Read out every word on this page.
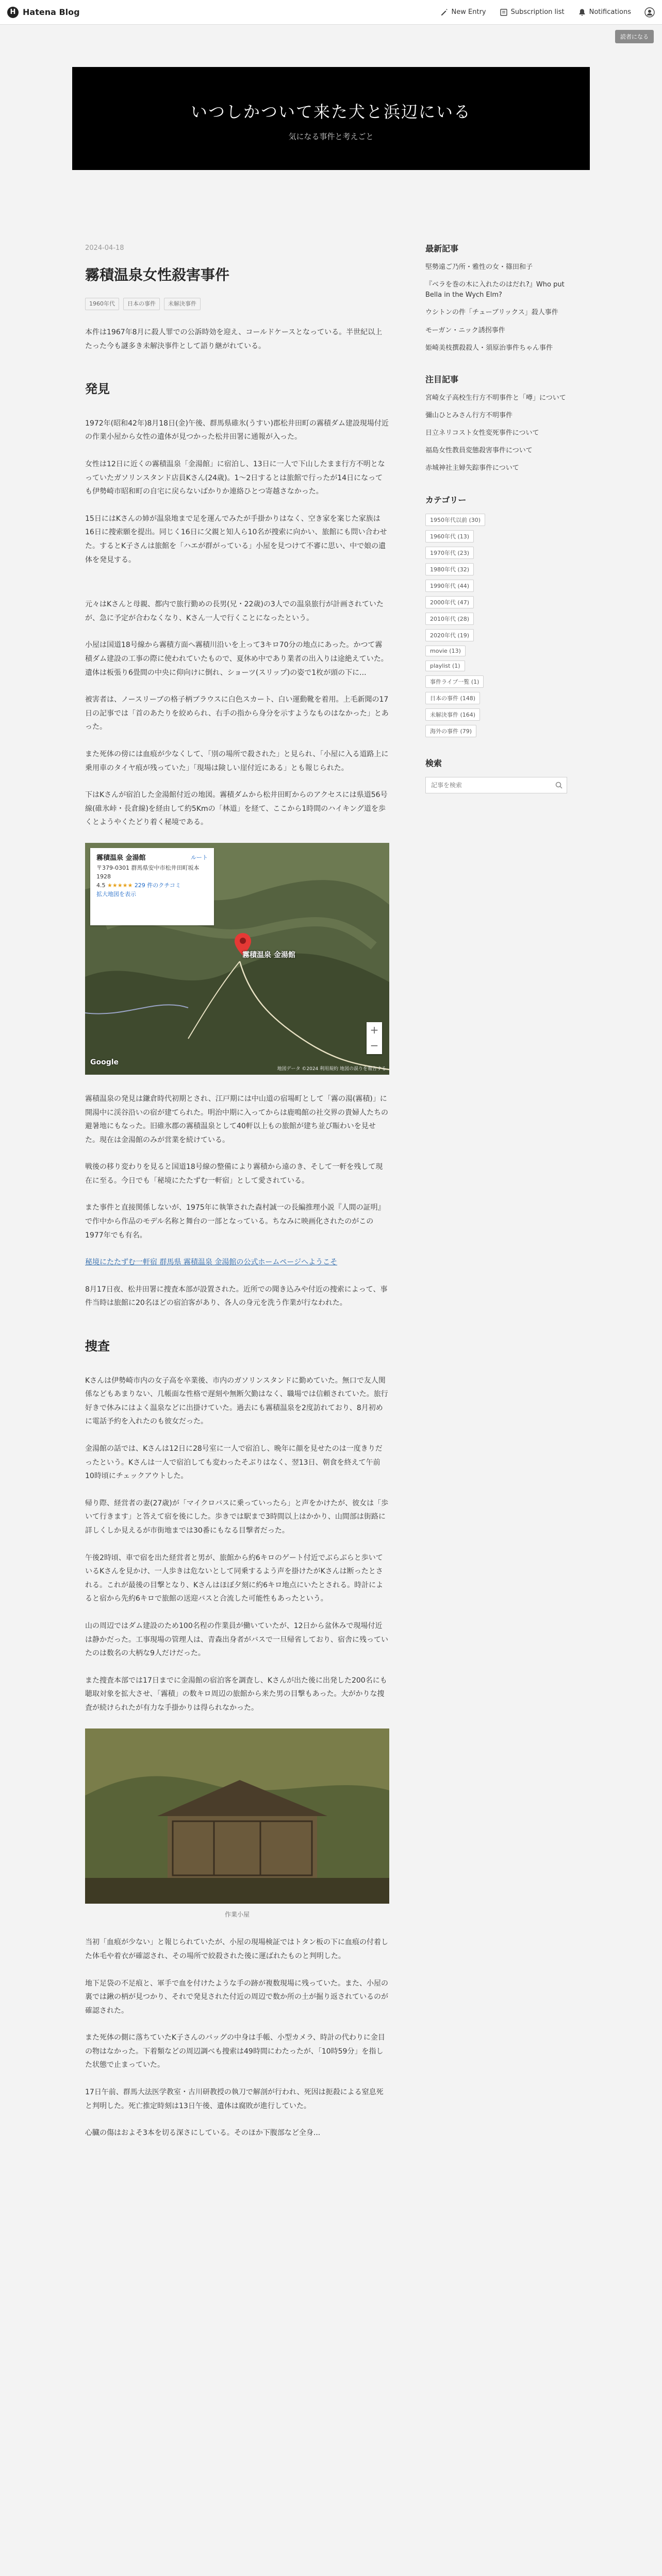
H Hatena Blog	New Entry	Subscription list	Notifications
読者になる
いつしかついて来た犬と浜辺にいる
気になる事件と考えごと
2024-04-18
霧積温泉女性殺害事件
1960年代	日本の事件	未解決事件

本件は1967年8月に殺人罪での公訴時効を迎え、コールドケースとなっている。半世紀以上たった今も謎多き未解決事件として語り継がれている。

発見

1972年(昭和42年)8月18日(金)午後、群馬県碓氷(うすい)郡松井田町の霧積ダム建設現場付近の作業小屋から女性の遺体が見つかった松井田署に通報が入った。

女性は12日に近くの霧積温泉「金湯館」に宿泊し、13日に一人で下山したまま行方不明となっていたガソリンスタンド店員Kさん(24歳)。1〜2日するとは旅館で行ったが14日になっても伊勢崎市昭和町の自宅に戻らないばかりか連絡ひとつ寄越さなかった。

15日にはKさんの姉が温泉地まで足を運んでみたが手掛かりはなく、空き家を案じた家族は16日に捜索願を提出。同じく16日に父親と知人ら10名が捜索に向かい、旅館にも問い合わせた。するとK子さんは旅館を「ハエが群がっている」小屋を見つけて不審に思い、中で娘の遺体を発見する。

元々はKさんと母親、都内で旅行勤めの長男(兄・22歳)の3人での温泉旅行が計画されていたが、急に予定が合わなくなり、Kさん一人で行くことになったという。

小屋は国道18号線から霧積方面へ霧積川沿いを上って3キロ70分の地点にあった。かつて霧積ダム建設の工事の際に使われていたもので、夏休め中であり業者の出入りは途絶えていた。遺体は板張り6畳間の中央に仰向けに倒れ、ショーツ(スリップ)の姿で1枚が頭の下に...

被害者は、ノースリーブの格子柄ブラウスに白色スカート、白い運動靴を着用。上毛新聞の17日の記事では「首のあたりを絞められ、右手の指から身分を示すようなものはなかった」とあった。

また死体の傍には血痕が少なくして、「別の場所で殺された」と見られ、「小屋に入る道路上に乗用車のタイヤ痕が残っていた」「現場は険しい崖付近にある」とも報じられた。

下はKさんが宿泊した金湯館付近の地図。霧積ダムから松井田町からのアクセスには県道56号線(碓氷峠・長倉線)を経由して約5Kmの「林道」を経て、ここから1時間のハイキング道を歩くとようやくたどり着く秘境である。

霧積温泉 金湯館
〒379-0301 群馬県安中市松井田町坂本 1928
4.5 ★★★★★ 229 件のクチコミ
拡大地図を表示
ルート
霧積温泉 金湯館
+
−
Google
地図データ ©2024 利用規約 地図の誤りを報告する

霧積温泉の発見は鎌倉時代初期とされ、江戸期には中山道の宿場町として「霧の湯(霧積)」に開湯中に渓谷沿いの宿が建てられた。明治中期に入ってからは鹿鳴館の社交界の貴婦人たちの避暑地にもなった。旧碓氷郡の霧積温泉として40軒以上もの旅館が建ち並び賑わいを見せた。現在は金湯館のみが営業を続けている。

戦後の移り変わりを見ると国道18号線の整備により霧積から遠のき、そして一軒を残して現在に至る。今日でも「秘境にたたずむ一軒宿」として愛されている。

また事件と直接関係しないが、1975年に執筆された森村誠一の長編推理小説『人間の証明』で作中から作品のモデル名称と舞台の一部となっている。ちなみに映画化されたのがこの1977年でも有名。

秘境にたたずむ一軒宿 群馬県 霧積温泉 金湯館の公式ホームページへようこそ

8月17日夜、松井田署に捜査本部が設置された。近所での聞き込みや付近の捜索によって、事件当時は旅館に20名ほどの宿泊客があり、各人の身元を洗う作業が行なわれた。

捜査

Kさんは伊勢崎市内の女子高を卒業後、市内のガソリンスタンドに勤めていた。無口で友人関係などもあまりない、几帳面な性格で遅刻や無断欠勤はなく、職場では信頼されていた。旅行好きで休みにはよく温泉などに出掛けていた。過去にも霧積温泉を2度訪れており、8月初めに電話予約を入れたのも彼女だった。

金湯館の話では、Kさんは12日に28号室に一人で宿泊し、晩年に顔を見せたのは一度きりだったという。Kさんは一人で宿泊しても変わったそぶりはなく、翌13日、朝食を終えて午前10時頃にチェックアウトした。

帰り際、経営者の妻(27歳)が「マイクロバスに乗っていったら」と声をかけたが、彼女は「歩いて行きます」と答えて宿を後にした。歩きでは駅まで3時間以上はかかり、山間部は街路に詳しくしか見えるが市街地までは30番にもなる目撃者だった。

午後2時頃、車で宿を出た経営者と男が、旅館から約6キロのゲート付近でぶらぶらと歩いているKさんを見かけ、一人歩きは危ないとして同乗するよう声を掛けたがKさんは断ったとされる。これが最後の目撃となり、Kさんはほぼ夕刻に約6キロ地点にいたとされる。時計によると宿から先約6キロで旅館の送迎バスと合流した可能性もあったという。

山の周辺ではダム建設のため100名程の作業員が働いていたが、12日から盆休みで現場付近は静かだった。工事現場の管理人は、青森出身者がバスで一旦帰省しており、宿舎に残っていたのは数名の大柄な9人だけだった。

また捜査本部では17日までに金湯館の宿泊客を調査し、Kさんが出た後に出発した200名にも聴取対象を拡大させ、「霧積」の数キロ周辺の旅館から来た男の目撃もあった。大がかりな捜査が続けられたが有力な手掛かりは得られなかった。

作業小屋

当初「血痕が少ない」と報じられていたが、小屋の現場検証ではトタン板の下に血痕の付着した体毛や着衣が確認され、その場所で絞殺された後に運ばれたものと判明した。

地下足袋の不足痕と、軍手で血を付けたような手の跡が複数現場に残っていた。また、小屋の裏では鍬の柄が見つかり、それで発見された付近の周辺で数か所の土が掘り返されているのが確認された。

また死体の側に落ちていたK子さんのバッグの中身は手帳、小型カメラ、時計の代わりに金目の物はなかった。下着類などの周辺調べも捜索は49時間にわたったが、「10時59分」を指した状態で止まっていた。

17日午前、群馬大法医学教室・古川研教授の執刀で解剖が行われ、死因は扼殺による窒息死と判明した。死亡推定時刻は13日午後、遺体は腐敗が進行していた。

心臓の傷はおよそ3本を切る深さにしている。そのほか下腹部など全身...

最新記事
堅勢遠ご乃所・雅性の女・篠田和子
『ベラを巻の木に入れたのはだれ?』Who put Bella in the Wych Elm?
ウシトンの件「チューブリックス」殺人事件
モーガン・ニック誘拐事件
姫崎美枝撰殺殺人・須原治事件ちゃん事件
注目記事
宮崎女子高校生行方不明事件と「噂」について
彌山ひとみさん行方不明事件
日立ネリコスト女性変死事件について
福島女性教員変態殺害事件について
赤城神社主婦失踪事件について
カテゴリー
1950年代以前 (30)
1960年代 (13)
1970年代 (23)
1980年代 (32)
1990年代 (44)
2000年代 (47)
2010年代 (28)
2020年代 (19)
movie (13)
playlist (1)
事件ライブ一覧 (1)
日本の事件 (148)
未解決事件 (164)
海外の事件 (79)
検索
記事を検索
